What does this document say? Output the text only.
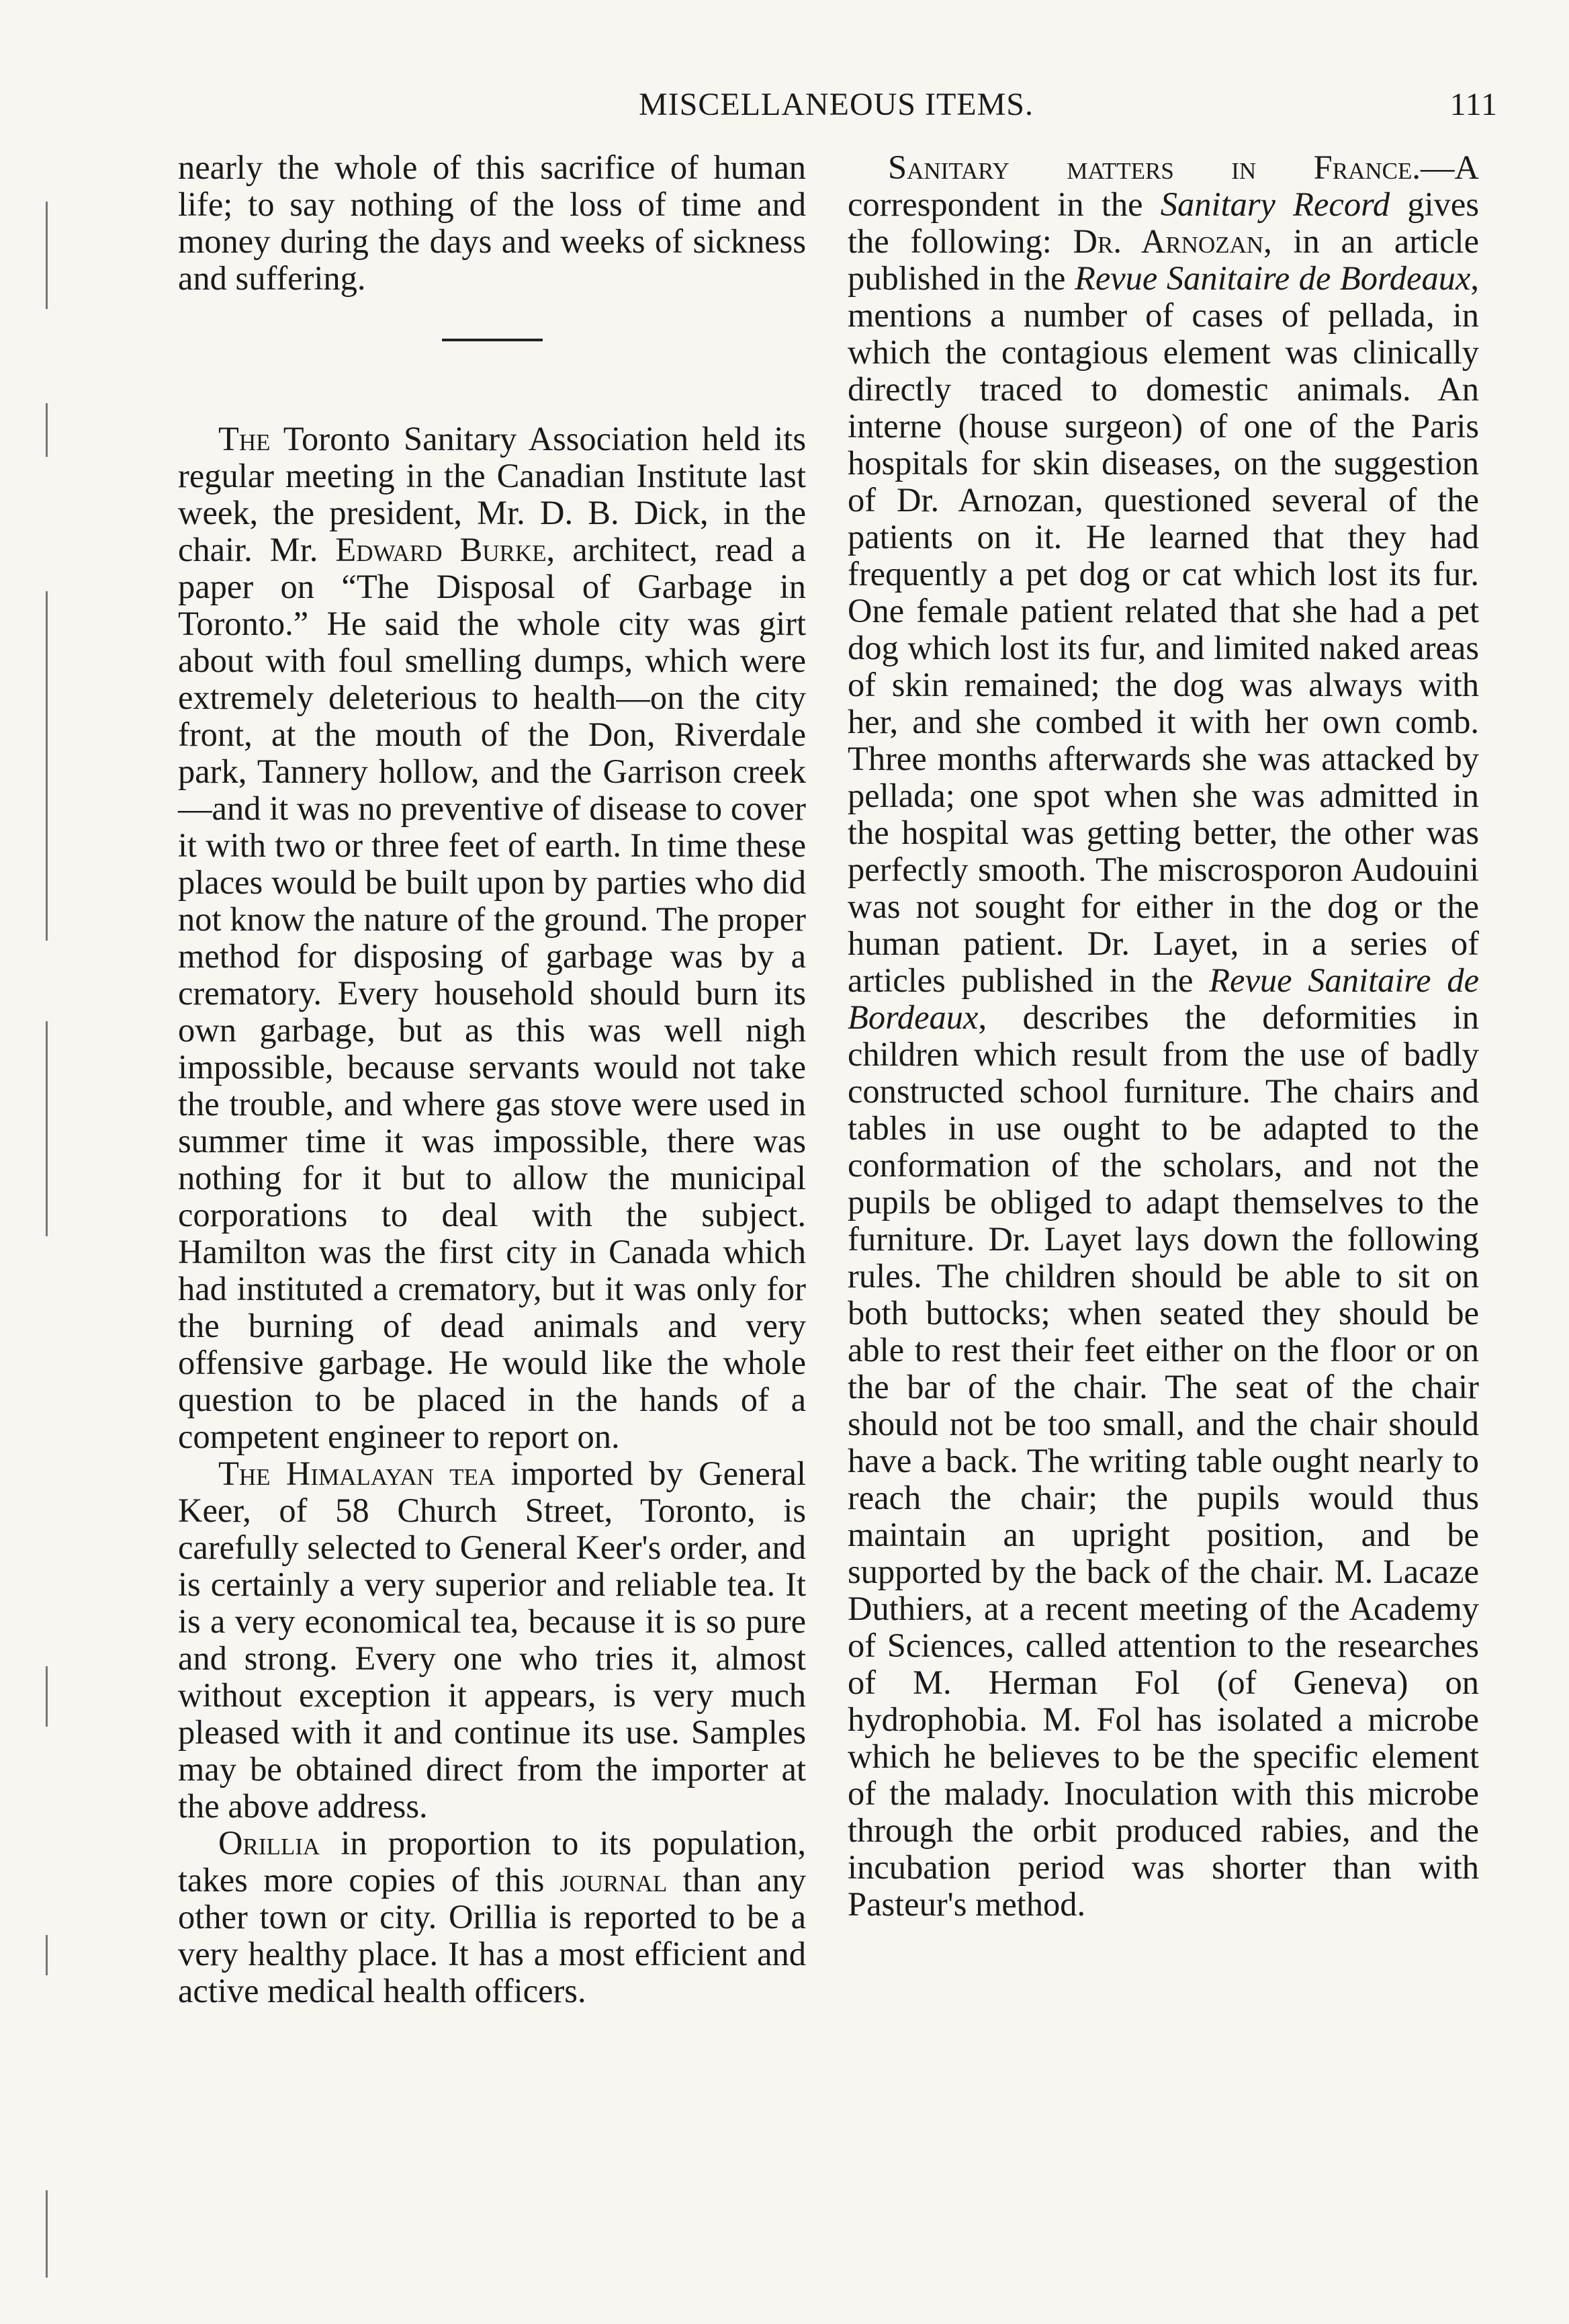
MISCELLANEOUS ITEMS.	111

nearly the whole of this sacrifice of human life; to say nothing of the loss of time and money during the days and weeks of sickness and suffering.

The Toronto Sanitary Association held its regular meeting in the Canadian Institute last week, the president, Mr. D. B. Dick, in the chair. Mr. Edward Burke, architect, read a paper on “The Disposal of Garbage in Toronto.” He said the whole city was girt about with foul smelling dumps, which were extremely deleterious to health—on the city front, at the mouth of the Don, Riverdale park, Tannery hollow, and the Garrison creek —and it was no preventive of disease to cover it with two or three feet of earth. In time these places would be built upon by parties who did not know the nature of the ground. The proper method for disposing of garbage was by a crematory. Every household should burn its own garbage, but as this was well nigh impossible, because servants would not take the trouble, and where gas stove were used in summer time it was impossible, there was nothing for it but to allow the municipal corporations to deal with the subject. Hamilton was the first city in Canada which had instituted a crematory, but it was only for the burning of dead animals and very offensive garbage. He would like the whole question to be placed in the hands of a competent engineer to report on.

The Himalayan tea imported by General Keer, of 58 Church Street, Toronto, is carefully selected to General Keer's order, and is certainly a very superior and reliable tea. It is a very economical tea, because it is so pure and strong. Every one who tries it, almost without exception it appears, is very much pleased with it and continue its use. Samples may be obtained direct from the importer at the above address.

Orillia in proportion to its population, takes more copies of this journal than any other town or city. Orillia is reported to be a very healthy place. It has a most efficient and active medical health officers.

Sanitary matters in France.—A correspondent in the Sanitary Record gives the following: Dr. Arnozan, in an article published in the Revue Sanitaire de Bordeaux, mentions a number of cases of pellada, in which the contagious element was clinically directly traced to domestic animals. An interne (house surgeon) of one of the Paris hospitals for skin diseases, on the suggestion of Dr. Arnozan, questioned several of the patients on it. He learned that they had frequently a pet dog or cat which lost its fur. One female patient related that she had a pet dog which lost its fur, and limited naked areas of skin remained; the dog was always with her, and she combed it with her own comb. Three months afterwards she was attacked by pellada; one spot when she was admitted in the hospital was getting better, the other was perfectly smooth. The miscrosporon Audouini was not sought for either in the dog or the human patient. Dr. Layet, in a series of articles published in the Revue Sanitaire de Bordeaux, describes the deformities in children which result from the use of badly constructed school furniture. The chairs and tables in use ought to be adapted to the conformation of the scholars, and not the pupils be obliged to adapt themselves to the furniture. Dr. Layet lays down the following rules. The children should be able to sit on both buttocks; when seated they should be able to rest their feet either on the floor or on the bar of the chair. The seat of the chair should not be too small, and the chair should have a back. The writing table ought nearly to reach the chair; the pupils would thus maintain an upright position, and be supported by the back of the chair. M. Lacaze Duthiers, at a recent meeting of the Academy of Sciences, called attention to the researches of M. Herman Fol (of Geneva) on hydrophobia. M. Fol has isolated a microbe which he believes to be the specific element of the malady. Inoculation with this microbe through the orbit produced rabies, and the incubation period was shorter than with Pasteur's method.
